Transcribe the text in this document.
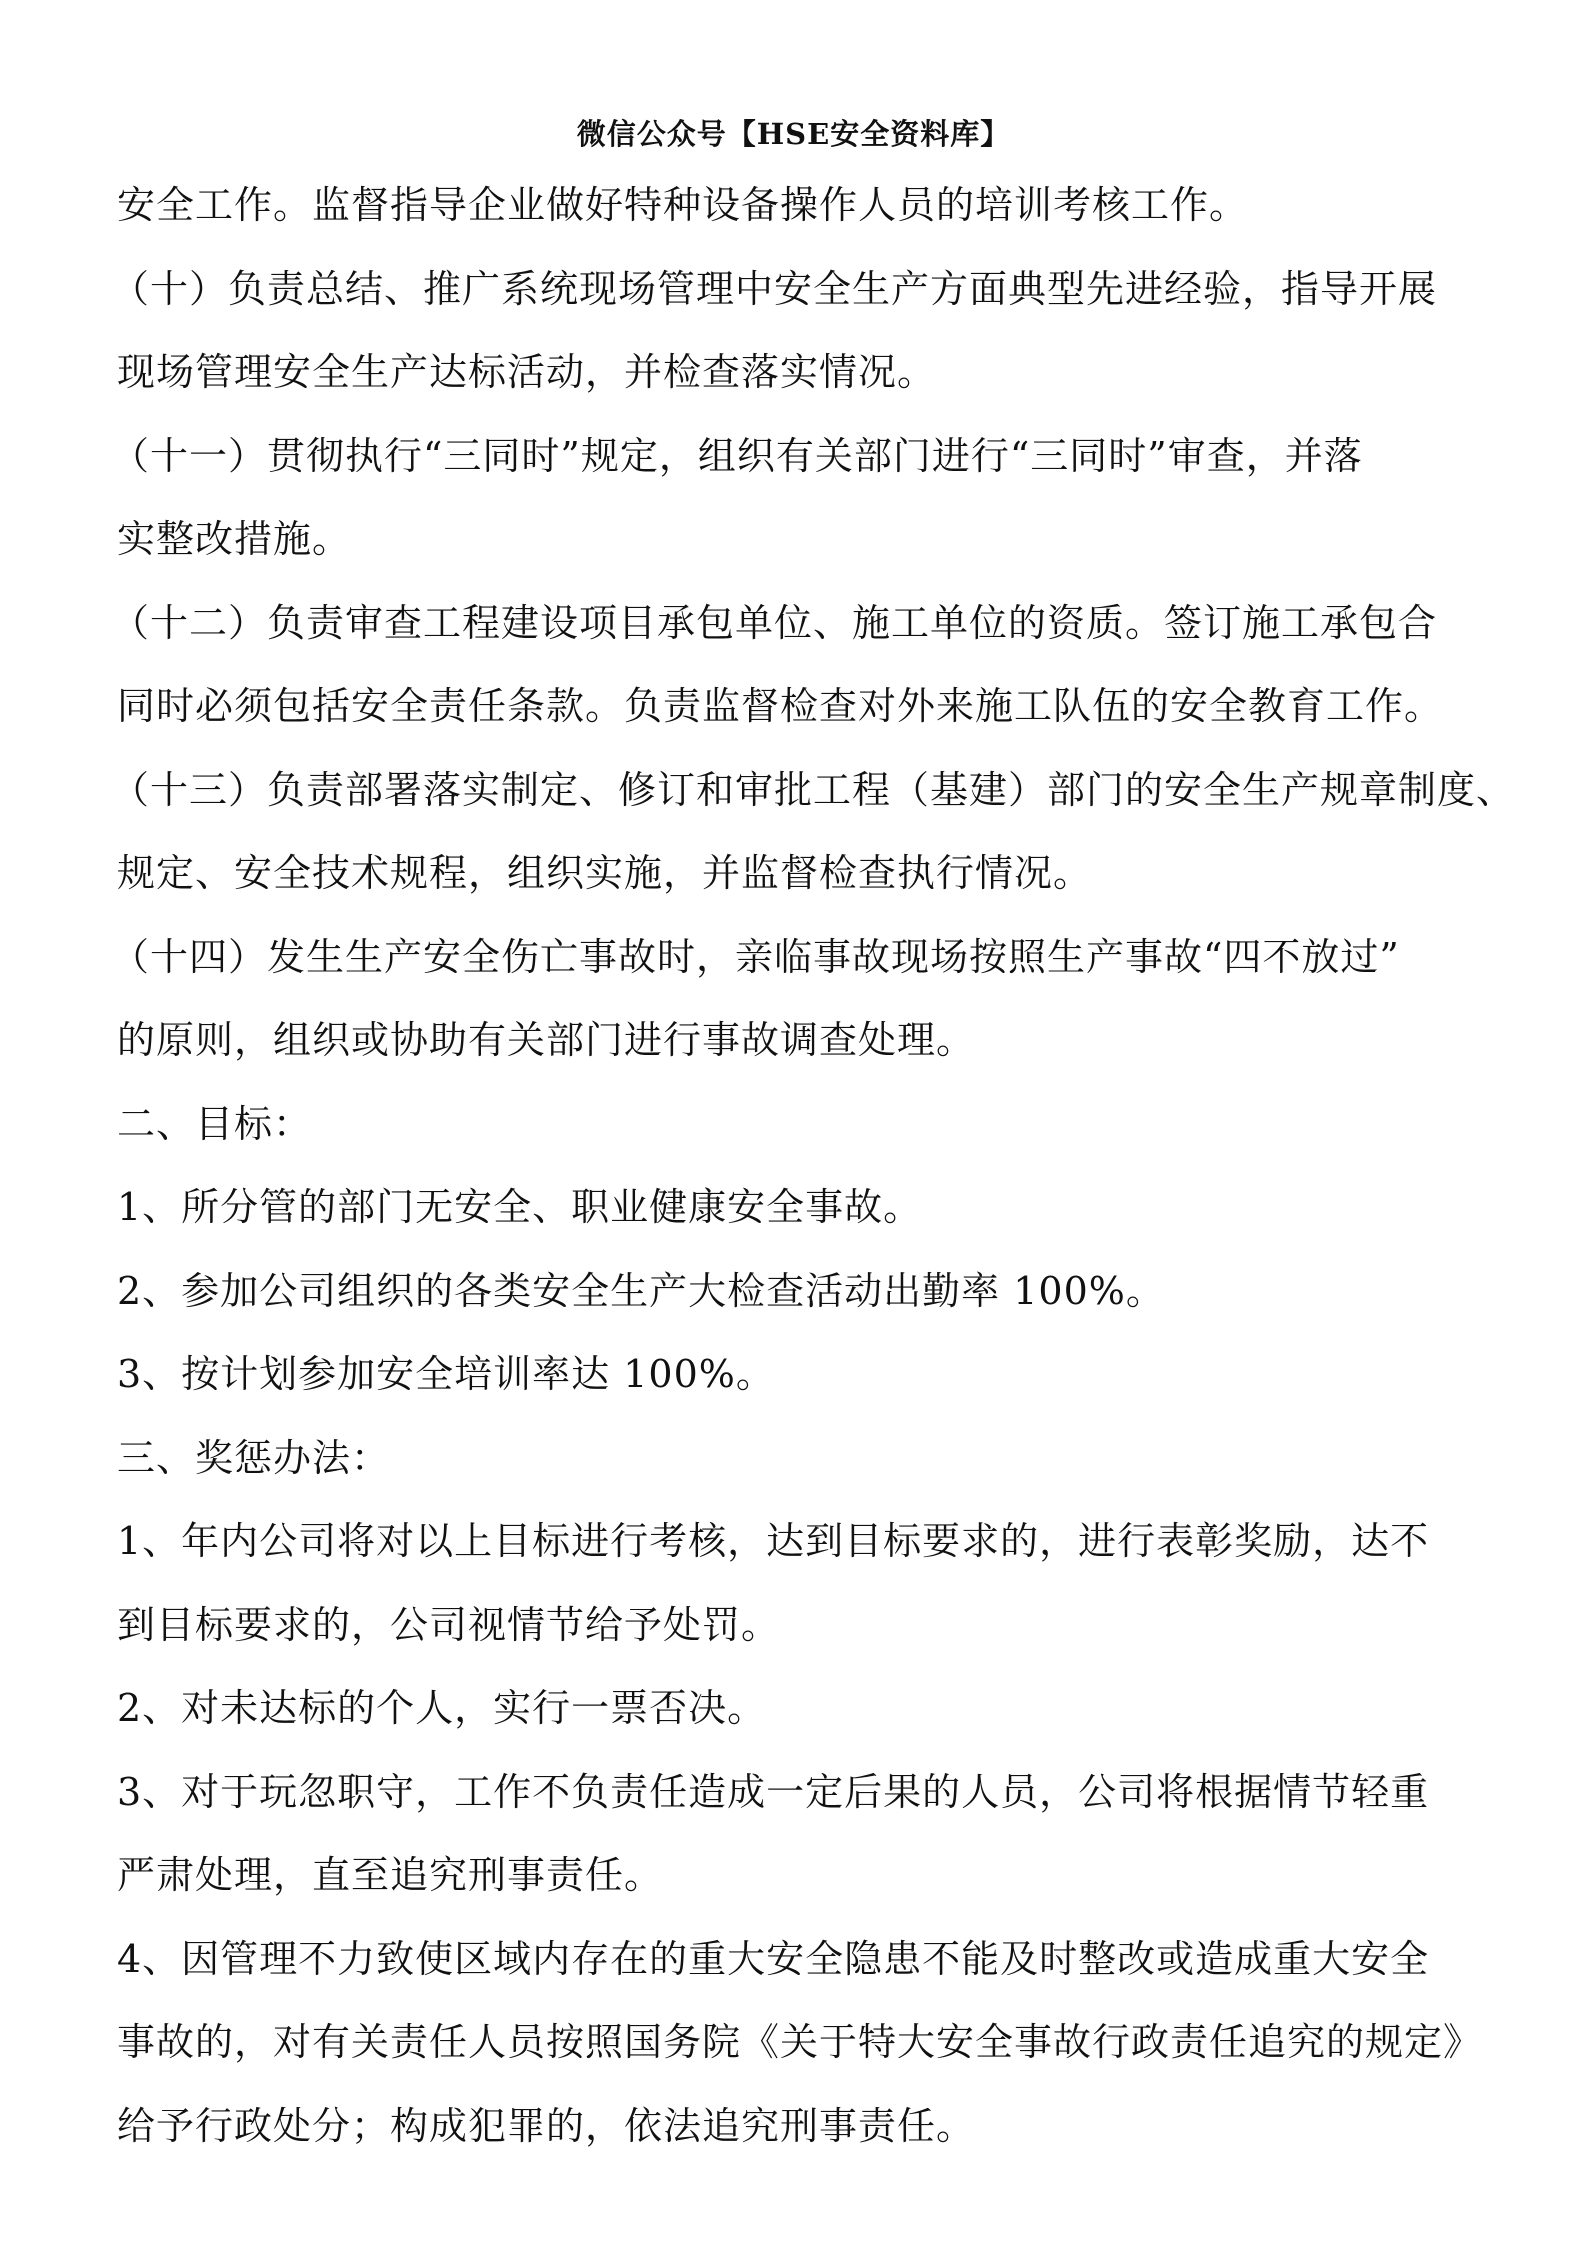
微信公众号【HSE安全资料库】
安全工作。监督指导企业做好特种设备操作人员的培训考核工作。
（十）负责总结、推广系统现场管理中安全生产方面典型先进经验，指导开展
现场管理安全生产达标活动，并检查落实情况。
（十一）贯彻执行“三同时”规定，组织有关部门进行“三同时”审查，并落
实整改措施。
（十二）负责审查工程建设项目承包单位、施工单位的资质。签订施工承包合
同时必须包括安全责任条款。负责监督检查对外来施工队伍的安全教育工作。
（十三）负责部署落实制定、修订和审批工程（基建）部门的安全生产规章制度、
规定、安全技术规程，组织实施，并监督检查执行情况。
（十四）发生生产安全伤亡事故时，亲临事故现场按照生产事故“四不放过”
的原则，组织或协助有关部门进行事故调查处理。
二、目标：
1、所分管的部门无安全、职业健康安全事故。
2、参加公司组织的各类安全生产大检查活动出勤率 100%。
3、按计划参加安全培训率达 100%。
三、奖惩办法：
1、年内公司将对以上目标进行考核，达到目标要求的，进行表彰奖励，达不
到目标要求的，公司视情节给予处罚。
2、对未达标的个人，实行一票否决。
3、对于玩忽职守，工作不负责任造成一定后果的人员，公司将根据情节轻重
严肃处理，直至追究刑事责任。
4、因管理不力致使区域内存在的重大安全隐患不能及时整改或造成重大安全
事故的，对有关责任人员按照国务院《关于特大安全事故行政责任追究的规定》
给予行政处分；构成犯罪的，依法追究刑事责任。
